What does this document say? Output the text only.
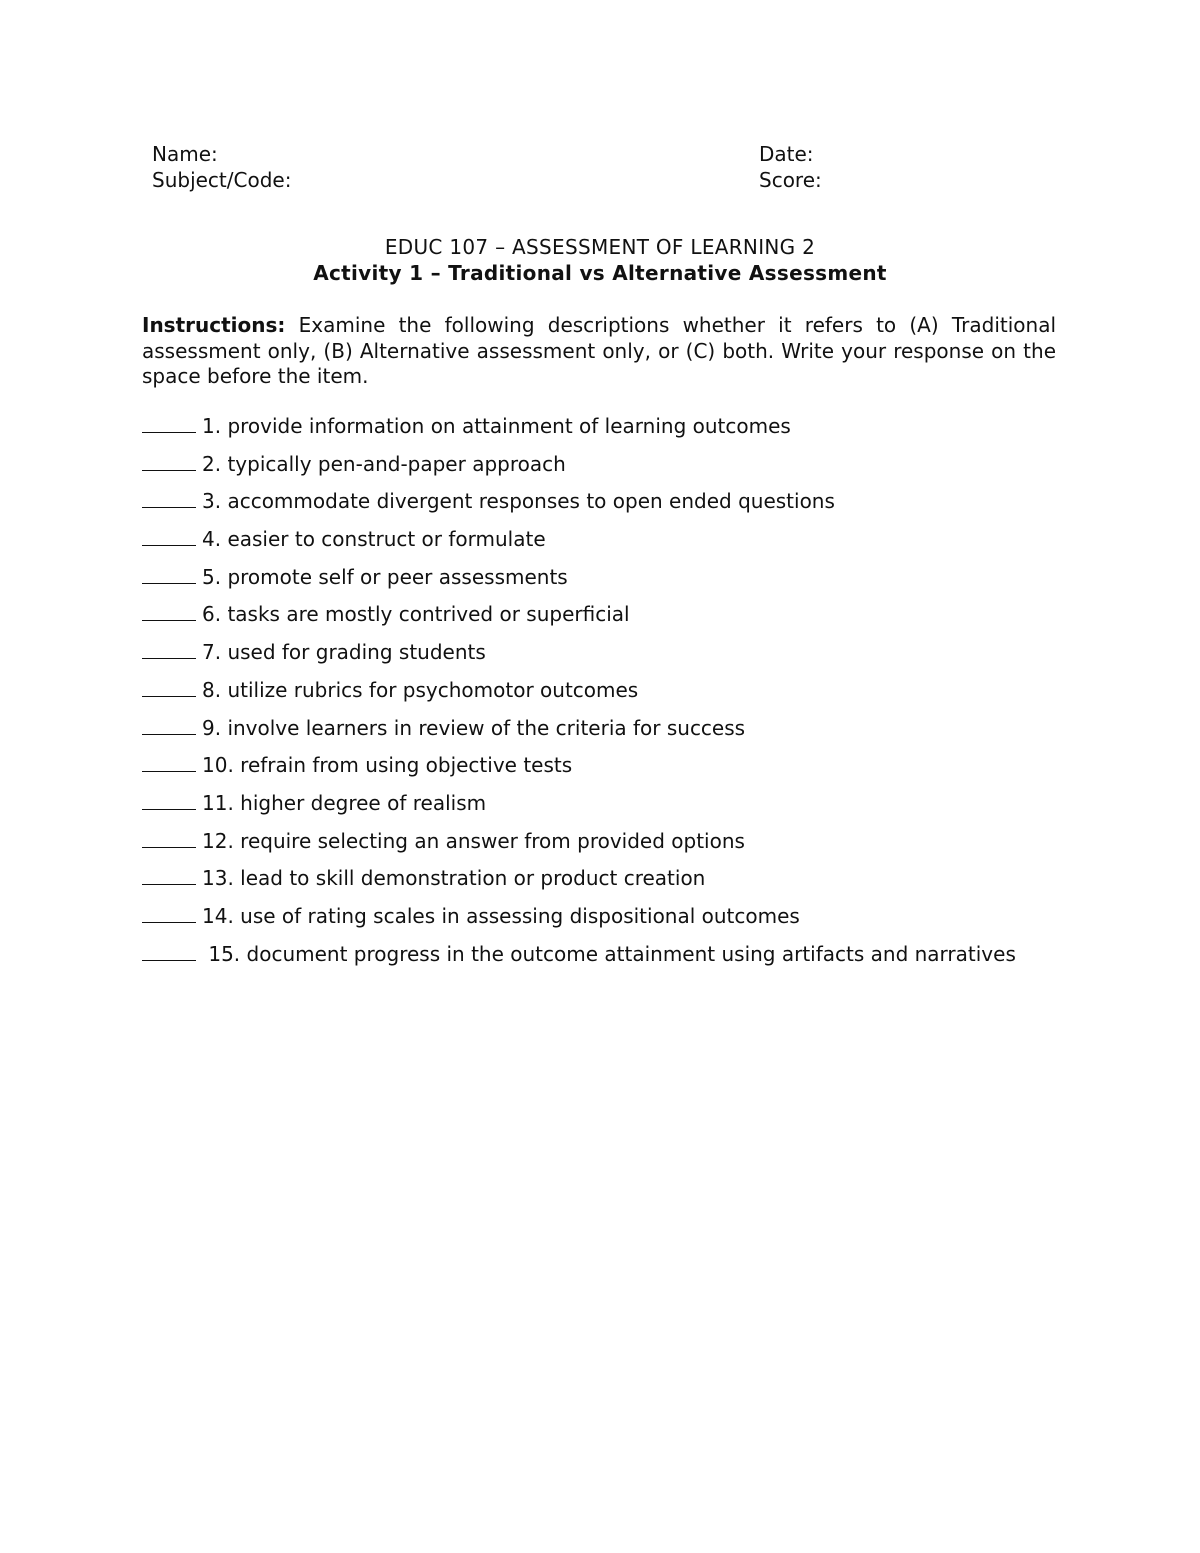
Name:
Subject/Code:
Date:
Score:
EDUC 107 – ASSESSMENT OF LEARNING 2
Activity 1 – Traditional vs Alternative Assessment
Instructions: Examine the following descriptions whether it refers to (A) Traditional assessment only, (B) Alternative assessment only, or (C) both. Write your response on the space before the item.
1. provide information on attainment of learning outcomes
2. typically pen-and-paper approach
3. accommodate divergent responses to open ended questions
4. easier to construct or formulate
5. promote self or peer assessments
6. tasks are mostly contrived or superficial
7. used for grading students
8. utilize rubrics for psychomotor outcomes
9. involve learners in review of the criteria for success
10. refrain from using objective tests
11. higher degree of realism
12. require selecting an answer from provided options
13. lead to skill demonstration or product creation
14. use of rating scales in assessing dispositional outcomes
15. document progress in the outcome attainment using artifacts and narratives
